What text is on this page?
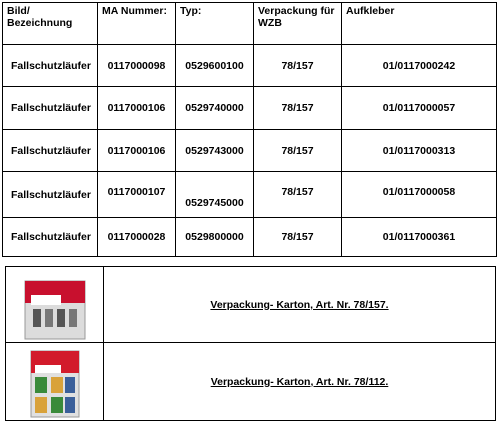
Bild/ Bezeichnung	MA Nummer:	Typ:	Verpackung für WZB	Aufkleber
Fallschutzläufer	0117000098	0529600100	78/157	01/0117000242
Fallschutzläufer	0117000106	0529740000	78/157	01/0117000057
Fallschutzläufer	0117000106	0529743000	78/157	01/0117000313
Fallschutzläufer	0117000107	0529745000	78/157	01/0117000058
Fallschutzläufer	0117000028	0529800000	78/157	01/0117000361
	Verpackung- Karton, Art. Nr. 78/157.

	Verpackung- Karton, Art. Nr. 78/112.
